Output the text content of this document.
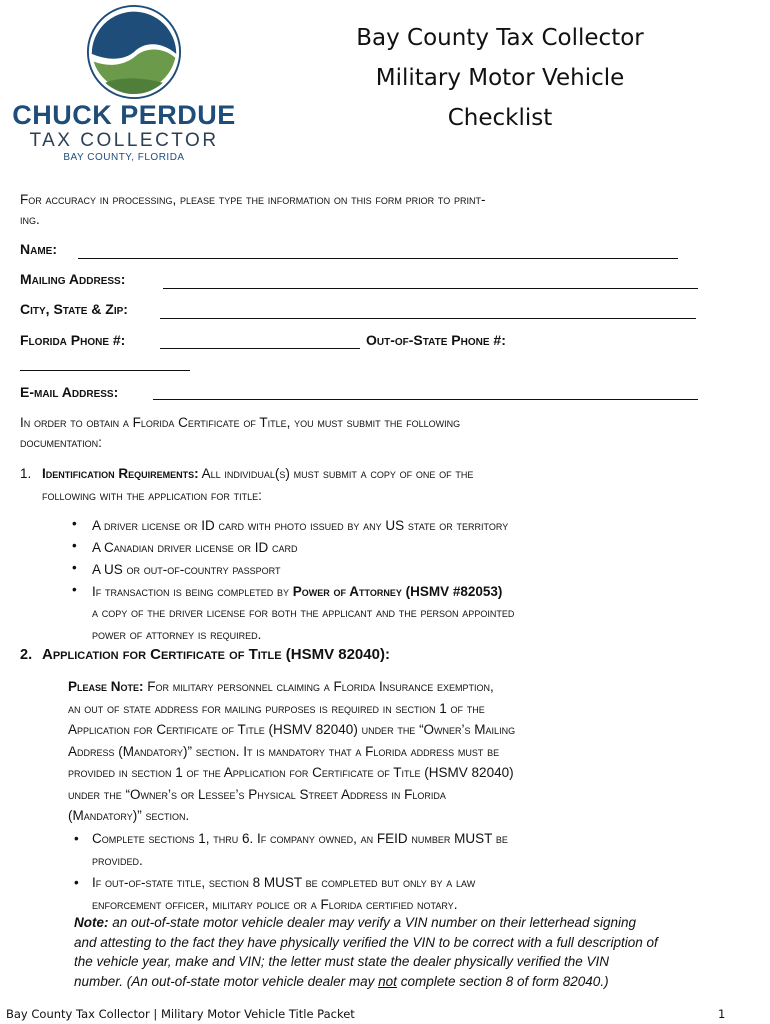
CHUCK PERDUE
TAX COLLECTOR
BAY COUNTY, FLORIDA
Bay County Tax Collector
Military Motor Vehicle
Checklist
For accuracy in processing, please type the information on this form prior to print-
ing.
Name:
Mailing Address:
City, State & Zip:
Florida Phone #:	Out-of-State Phone #:
E-mail Address:
In order to obtain a Florida Certificate of Title, you must submit the following
documentation:
1. Identification Requirements: All individual(s) must submit a copy of one of the
following with the application for title:
• A driver license or ID card with photo issued by any US state or territory
• A Canadian driver license or ID card
• A US or out-of-country passport
• If transaction is being completed by Power of Attorney (HSMV #82053)
a copy of the driver license for both the applicant and the person appointed
power of attorney is required.
2. Application for Certificate of Title (HSMV 82040):
Please Note: For military personnel claiming a Florida Insurance exemption,
an out of state address for mailing purposes is required in section 1 of the
Application for Certificate of Title (HSMV 82040) under the “Owner’s Mailing
Address (Mandatory)” section. It is mandatory that a Florida address must be
provided in section 1 of the Application for Certificate of Title (HSMV 82040)
under the “Owner’s or Lessee’s Physical Street Address in Florida
(Mandatory)” section.
• Complete sections 1, thru 6. If company owned, an FEID number MUST be
provided.
• If out-of-state title, section 8 MUST be completed but only by a law
enforcement officer, military police or a Florida certified notary.
Note: an out-of-state motor vehicle dealer may verify a VIN number on their letterhead signing
and attesting to the fact they have physically verified the VIN to be correct with a full description of
the vehicle year, make and VIN; the letter must state the dealer physically verified the VIN
number. (An out-of-state motor vehicle dealer may not complete section 8 of form 82040.)
Bay County Tax Collector | Military Motor Vehicle Title Packet	1
